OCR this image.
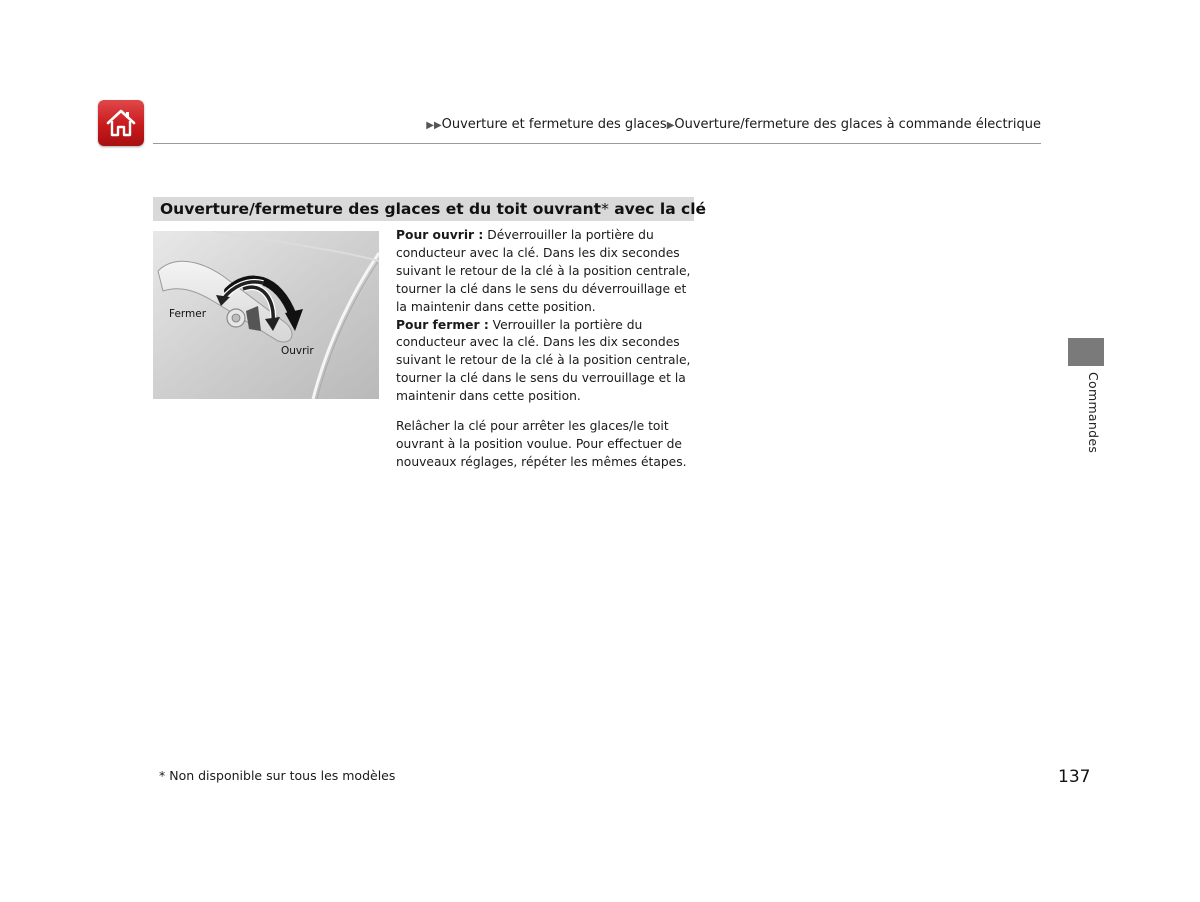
▶▶Ouverture et fermeture des glaces▶Ouverture/fermeture des glaces à commande électrique
Ouverture/fermeture des glaces et du toit ouvrant* avec la clé
Fermer
Ouvrir

Pour ouvrir : Déverrouiller la portière du conducteur avec la clé. Dans les dix secondes suivant le retour de la clé à la position centrale, tourner la clé dans le sens du déverrouillage et la maintenir dans cette position.

Pour fermer : Verrouiller la portière du conducteur avec la clé. Dans les dix secondes suivant le retour de la clé à la position centrale, tourner la clé dans le sens du verrouillage et la maintenir dans cette position.

Relâcher la clé pour arrêter les glaces/le toit ouvrant à la position voulue. Pour effectuer de nouveaux réglages, répéter les mêmes étapes.

Commandes
* Non disponible sur tous les modèles	137
